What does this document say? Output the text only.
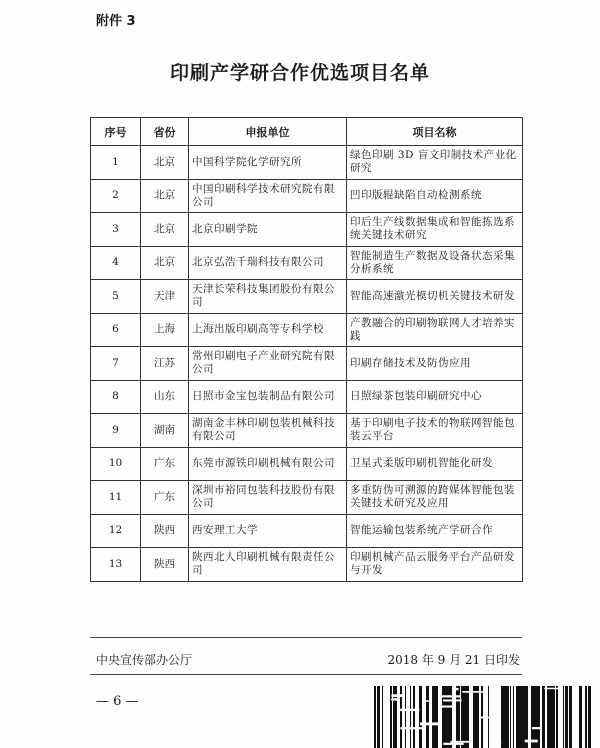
附件 3
印刷产学研合作优选项目名单
序号	省份	申报单位	项目名称
1	北京	中国科学院化学研究所	绿色印刷 3D 盲文印制技术产业化研究
2	北京	中国印刷科学技术研究院有限公司	凹印版辊缺陷自动检测系统
3	北京	北京印刷学院	印后生产线数据集成和智能拣选系统关键技术研究
4	北京	北京弘浩千瑞科技有限公司	智能制造生产数据及设备状态采集分析系统
5	天津	天津长荣科技集团股份有限公司	智能高速激光模切机关键技术研发
6	上海	上海出版印刷高等专科学校	产教融合的印刷物联网人才培养实践
7	江苏	常州印刷电子产业研究院有限公司	印刷存储技术及防伪应用
8	山东	日照市金宝包装制品有限公司	日照绿茶包装印刷研究中心
9	湖南	湖南金丰林印刷包装机械科技有限公司	基于印刷电子技术的物联网智能包装云平台
10	广东	东莞市源铁印刷机械有限公司	卫星式柔版印刷机智能化研发
11	广东	深圳市裕同包装科技股份有限公司	多重防伪可溯源的跨媒体智能包装关键技术研究及应用
12	陕西	西安理工大学	智能运输包装系统产学研合作
13	陕西	陕西北人印刷机械有限责任公司	印刷机械产品云服务平台产品研发与开发
中央宣传部办公厅	2018 年 9 月 21 日印发
— 6 —
